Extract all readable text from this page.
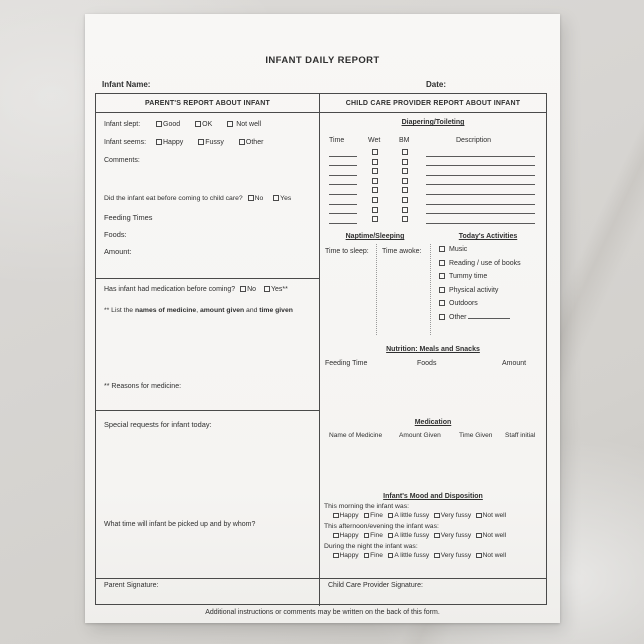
INFANT DAILY REPORT
Infant Name:	Date:
PARENT'S REPORT ABOUT INFANT	CHILD CARE PROVIDER REPORT ABOUT INFANT
Infant slept:	Good	OK	Not well
Infant seems: Happy	Fussy	Other
Comments:
Did the infant eat before coming to child care? No Yes
Feeding Times
Foods:
Amount:
Has infant had medication before coming? No Yes**
** List the names of medicine, amount given and time given
** Reasons for medicine:
Special requests for infant today:
What time will infant be picked up and by whom?
Diapering/Toileting
Time	Wet	BM	Description
Naptime/Sleeping	Today's Activities
Time to sleep: Time awoke:	Music
Reading / use of books
Tummy time
Physical activity
Outdoors
Other
Nutrition: Meals and Snacks
Feeding Time	Foods	Amount
Medication
Name of Medicine	Amount Given	Time Given Staff initial
Infant's Mood and Disposition
This morning the infant was:
Happy	Fine	A little fussy	Very fussy	Not well
This afternoon/evening the infant was:
Happy	Fine	A little fussy	Very fussy	Not well
During the night the infant was:
Happy	Fine	A little fussy	Very fussy	Not well
Parent Signature:	Child Care Provider Signature:
Additional instructions or comments may be written on the back of this form.
